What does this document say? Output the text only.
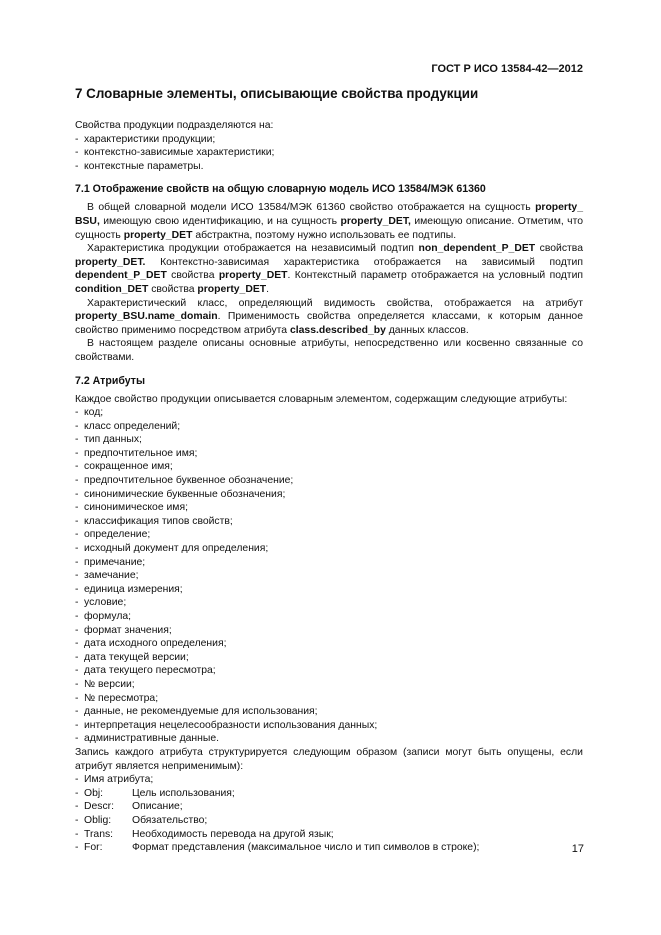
ГОСТ Р ИСО 13584-42—2012
7 Словарные элементы, описывающие свойства продукции

Свойства продукции подразделяются на:

- характеристики продукции;
- контекстно-зависимые характеристики;
- контекстные параметры.
7.1 Отображение свойств на общую словарную модель ИСО 13584/МЭК 61360

В общей словарной модели ИСО 13584/МЭК 61360 свойство отображается на сущность property_ BSU, имеющую свою идентификацию, и на сущность property_DET, имеющую описание. Отметим, что сущность property_DET абстрактна, поэтому нужно использовать ее подтипы.

Характеристика продукции отображается на независимый подтип non_dependent_P_DET свойства property_DET. Контекстно-зависимая характеристика отображается на зависимый подтип dependent_P_DET свойства property_DET. Контекстный параметр отображается на условный подтип condition_DET свойства property_DET.

Характеристический класс, определяющий видимость свойства, отображается на атрибут property_BSU.name_domain. Применимость свойства определяется классами, к которым данное свойство применимо посредством атрибута class.described_by данных классов.

В настоящем разделе описаны основные атрибуты, непосредственно или косвенно связанные со свойствами.

7.2 Атрибуты

Каждое свойство продукции описывается словарным элементом, содержащим следующие атрибуты:

- код;
- класс определений;
- тип данных;
- предпочтительное имя;
- сокращенное имя;
- предпочтительное буквенное обозначение;
- синонимические буквенные обозначения;
- синонимическое имя;
- классификация типов свойств;
- определение;
- исходный документ для определения;
- примечание;
- замечание;
- единица измерения;
- условие;
- формула;
- формат значения;
- дата исходного определения;
- дата текущей версии;
- дата текущего пересмотра;
- № версии;
- № пересмотра;
- данные, не рекомендуемые для использования;
- интерпретация нецелесообразности использования данных;
- административные данные.

Запись каждого атрибута структурируется следующим образом (записи могут быть опущены, если атрибут является неприменимым):

- Имя атрибута;
- Obj:	Цель использования;
- Descr:	Описание;
- Oblig:	Обязательство;
- Trans:	Необходимость перевода на другой язык;
- For:	Формат представления (максимальное число и тип символов в строке);	17
